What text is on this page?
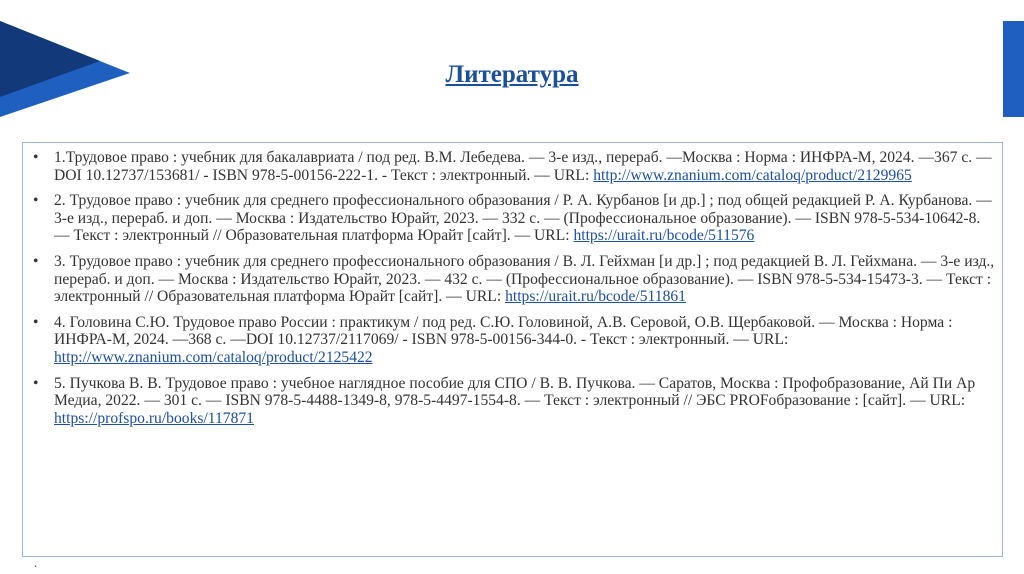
Литература
• 1.Трудовое право : учебник для бакалавриата / под ред. В.М. Лебедева. — 3-е изд., перераб. —Москва : Норма : ИНФРА-М, 2024. —367 с. —DOI 10.12737/153681/ - ISBN 978-5-00156-222-1. - Текст : электронный. — URL: http://www.znanium.com/cataloq/product/2129965
• 2. Трудовое право : учебник для среднего профессионального образования / Р. А. Курбанов [и др.] ; под общей редакцией Р. А. Курбанова. — 3-е изд., перераб. и доп. — Москва : Издательство Юрайт, 2023. — 332 с. — (Профессиональное образование). — ISBN 978-5-534-10642-8. — Текст : электронный // Образовательная платформа Юрайт [сайт]. — URL: https://urait.ru/bcode/511576
• 3. Трудовое право : учебник для среднего профессионального образования / В. Л. Гейхман [и др.] ; под редакцией В. Л. Гейхмана. — 3-е изд., перераб. и доп. — Москва : Издательство Юрайт, 2023. — 432 с. — (Профессиональное образование). — ISBN 978-5-534-15473-3. — Текст : электронный // Образовательная платформа Юрайт [сайт]. — URL: https://urait.ru/bcode/511861
• 4. Головина С.Ю. Трудовое право России : практикум / под ред. С.Ю. Головиной, А.В. Серовой, О.В. Щербаковой. — Москва : Норма : ИНФРА-М, 2024. —368 с. —DOI 10.12737/2117069/ - ISBN 978-5-00156-344-0. - Текст : электронный. — URL: http://www.znanium.com/cataloq/product/2125422
• 5. Пучкова В. В. Трудовое право : учебное наглядное пособие для СПО / В. В. Пучкова. — Саратов, Москва : Профобразование, Ай Пи Ар Медиа, 2022. — 301 с. — ISBN 978-5-4488-1349-8, 978-5-4497-1554-8. — Текст : электронный // ЭБС PROFобразование : [сайт]. — URL: https://profspo.ru/books/117871
.
